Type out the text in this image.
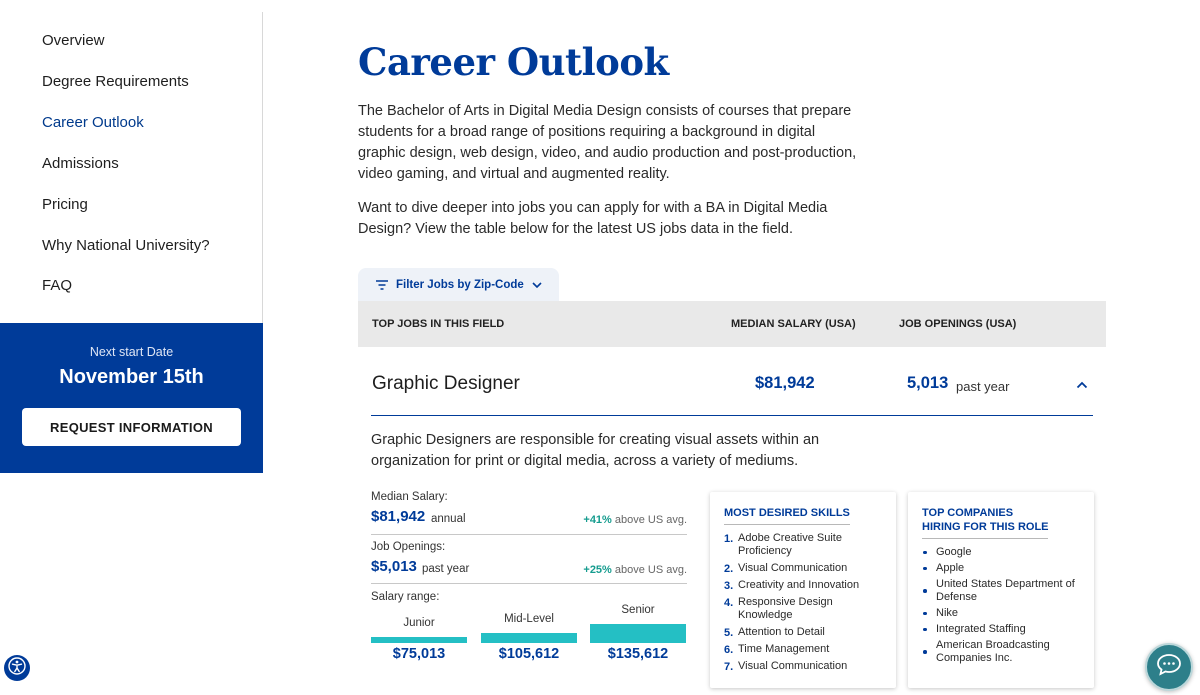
Overview
Degree Requirements
Career Outlook
Admissions
Pricing
Why National University?
FAQ
Next start Date
November 15th
REQUEST INFORMATION
Career Outlook

The Bachelor of Arts in Digital Media Design consists of courses that prepare students for a broad range of positions requiring a background in digital graphic design, web design, video, and audio production and post-production, video gaming, and virtual and augmented reality.

Want to dive deeper into jobs you can apply for with a BA in Digital Media Design? View the table below for the latest US jobs data in the field.

Filter Jobs by Zip-Code
TOP JOBS IN THIS FIELD	MEDIAN SALARY (USA)	JOB OPENINGS (USA)
Graphic Designer	$81,942	5,013 past year

Graphic Designers are responsible for creating visual assets within an organization for print or digital media, across a variety of mediums.

Median Salary:
$81,942 annual	+41% above US avg.
Job Openings:
$5,013 past year	+25% above US avg.
Salary range:
Junior
$75,013
Mid-Level
$105,612
Senior
$135,612
MOST DESIRED SKILLS
1. Adobe Creative Suite Proficiency
2. Visual Communication
3. Creativity and Innovation
4. Responsive Design Knowledge
5. Attention to Detail
6. Time Management
7. Visual Communication
TOP COMPANIES HIRING FOR THIS ROLE
Google
Apple
United States Department of Defense
Nike
Integrated Staffing
American Broadcasting Companies Inc.
